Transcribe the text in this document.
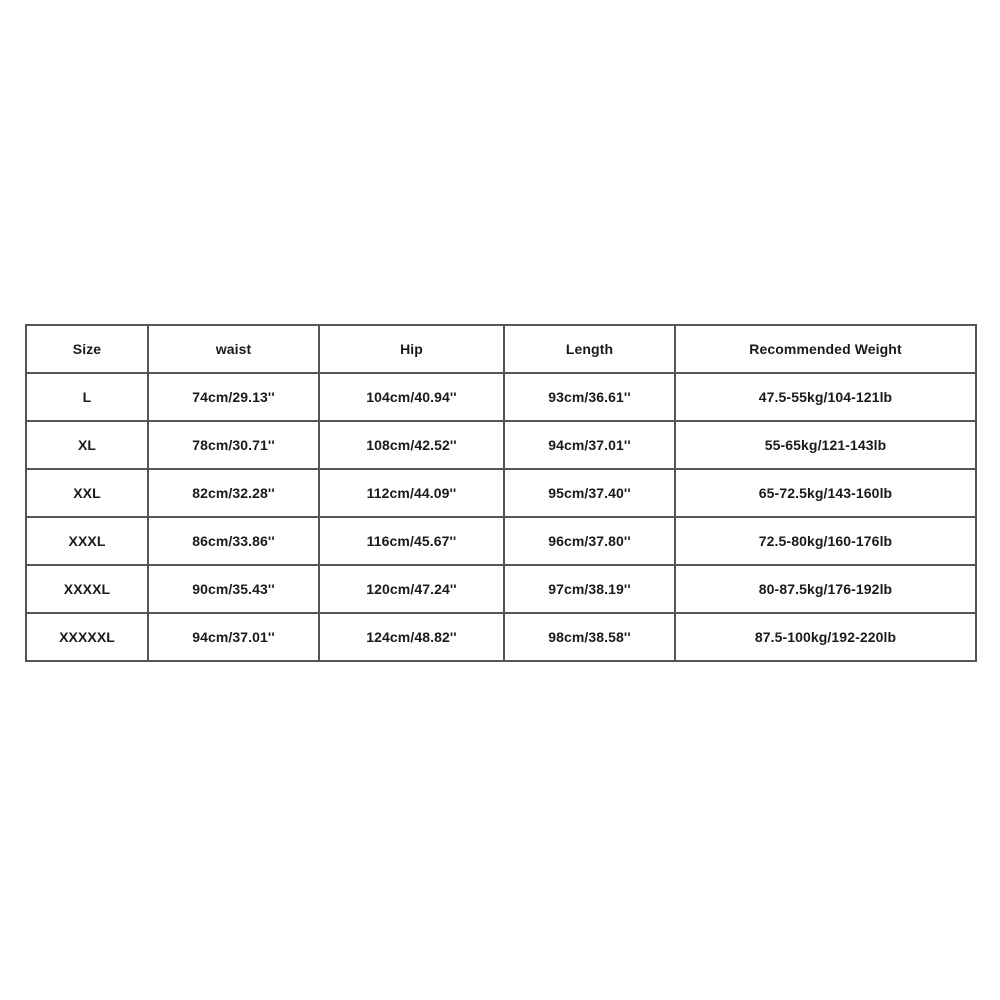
Size	waist	Hip	Length	Recommended Weight
L	74cm/29.13''	104cm/40.94''	93cm/36.61''	47.5-55kg/104-121lb
XL	78cm/30.71''	108cm/42.52''	94cm/37.01''	55-65kg/121-143lb
XXL	82cm/32.28''	112cm/44.09''	95cm/37.40''	65-72.5kg/143-160lb
XXXL	86cm/33.86''	116cm/45.67''	96cm/37.80''	72.5-80kg/160-176lb
XXXXL	90cm/35.43''	120cm/47.24''	97cm/38.19''	80-87.5kg/176-192lb
XXXXXL	94cm/37.01''	124cm/48.82''	98cm/38.58''	87.5-100kg/192-220lb
